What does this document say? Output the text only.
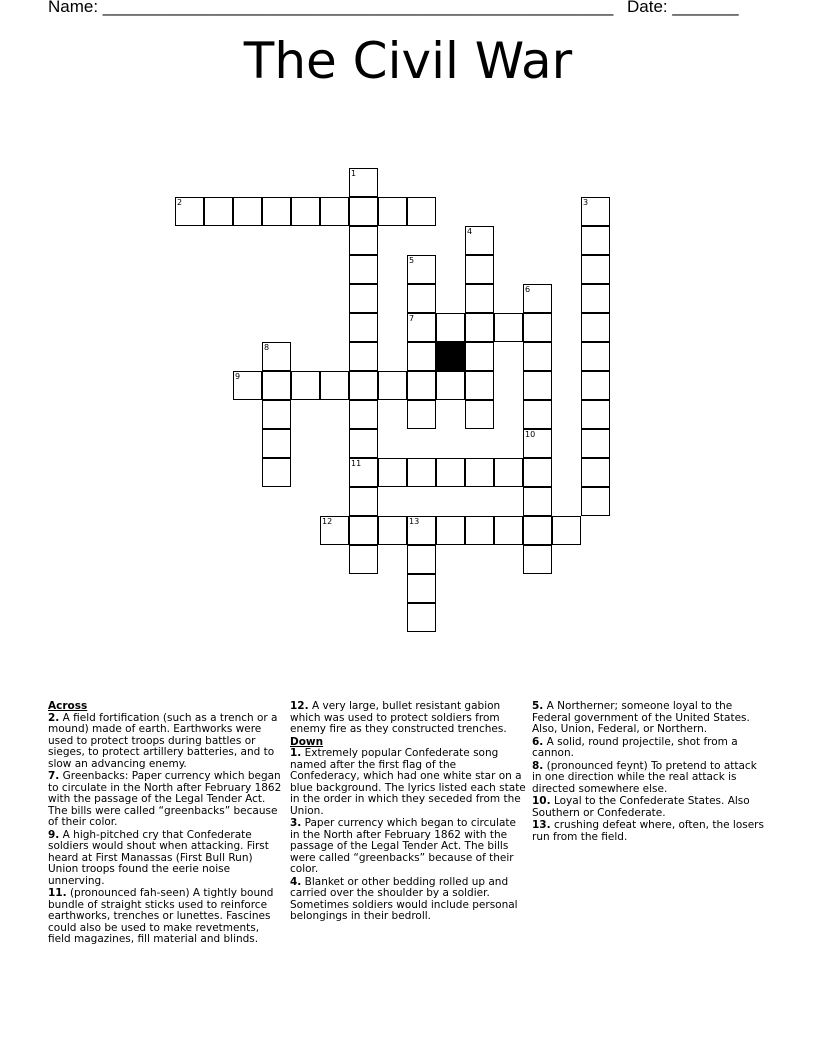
Name: ______________________________________________________ Date: _______
The Civil War
1
11
2	3
4
5
7
6
8
9
10
12	13
Across
2. A field fortification (such as a trench or a mound) made of earth. Earthworks were used to protect troops during battles or sieges, to protect artillery batteries, and to slow an advancing enemy.
7. Greenbacks: Paper currency which began to circulate in the North after February 1862 with the passage of the Legal Tender Act. The bills were called “greenbacks” because of their color.
9. A high-pitched cry that Confederate soldiers would shout when attacking. First heard at First Manassas (First Bull Run) Union troops found the eerie noise unnerving.
11. (pronounced fah-seen) A tightly bound bundle of straight sticks used to reinforce earthworks, trenches or lunettes. Fascines could also be used to make revetments, field magazines, fill material and blinds.
12. A very large, bullet resistant gabion which was used to protect soldiers from enemy fire as they constructed trenches.
Down
1. Extremely popular Confederate song named after the first flag of the Confederacy, which had one white star on a blue background. The lyrics listed each state in the order in which they seceded from the Union.
3. Paper currency which began to circulate in the North after February 1862 with the passage of the Legal Tender Act. The bills were called “greenbacks” because of their color.
4. Blanket or other bedding rolled up and carried over the shoulder by a soldier. Sometimes soldiers would include personal belongings in their bedroll.
5. A Northerner; someone loyal to the Federal government of the United States. Also, Union, Federal, or Northern.
6. A solid, round projectile, shot from a cannon.
8. (pronounced feynt) To pretend to attack in one direction while the real attack is directed somewhere else.
10. Loyal to the Confederate States. Also Southern or Confederate.
13. crushing defeat where, often, the losers run from the field.
